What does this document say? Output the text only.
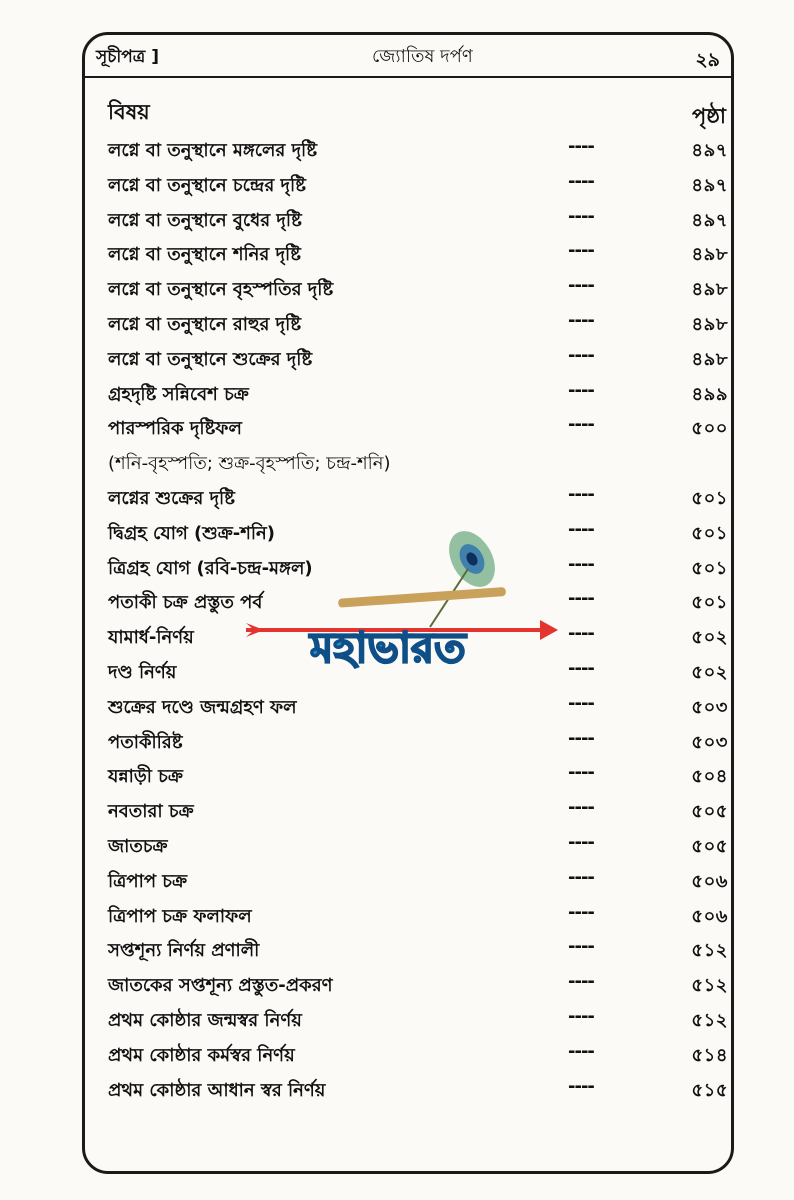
সূচীপত্র ]	জ্যোতিষ দর্পণ	২৯
বিষয়	পৃষ্ঠা
লগ্নে বা তনুস্থানে মঙ্গলের দৃষ্টি	----	৪৯৭
লগ্নে বা তনুস্থানে চন্দ্রের দৃষ্টি	----	৪৯৭
লগ্নে বা তনুস্থানে বুধের দৃষ্টি	----	৪৯৭
লগ্নে বা তনুস্থানে শনির দৃষ্টি	----	৪৯৮
লগ্নে বা তনুস্থানে বৃহস্পতির দৃষ্টি	----	৪৯৮
লগ্নে বা তনুস্থানে রাহুর দৃষ্টি	----	৪৯৮
লগ্নে বা তনুস্থানে শুক্রের দৃষ্টি	----	৪৯৮
গ্রহদৃষ্টি সন্নিবেশ চক্র	----	৪৯৯
পারস্পরিক দৃষ্টিফল	----	৫০০
(শনি-বৃহস্পতি; শুক্র-বৃহস্পতি; চন্দ্র-শনি)
লগ্নের শুক্রের দৃষ্টি	----	৫০১
দ্বিগ্রহ যোগ (শুক্র-শনি)	----	৫০১
ত্রিগ্রহ যোগ (রবি-চন্দ্র-মঙ্গল)	----	৫০১
পতাকী চক্র প্রস্তুত পর্ব	----	৫০১
যামার্ধ-নির্ণয়	----	৫০২
দণ্ড নির্ণয়	----	৫০২
শুক্রের দণ্ডে জন্মগ্রহণ ফল	----	৫০৩
পতাকীরিষ্ট	----	৫০৩
যন্নাড়ী চক্র	----	৫০৪
নবতারা চক্র	----	৫০৫
জাতচক্র	----	৫০৫
ত্রিপাপ চক্র	----	৫০৬
ত্রিপাপ চক্র ফলাফল	----	৫০৬
সপ্তশূন্য নির্ণয় প্রণালী	----	৫১২
জাতকের সপ্তশূন্য প্রস্তুত-প্রকরণ	----	৫১২
প্রথম কোষ্ঠার জন্মস্বর নির্ণয়	----	৫১২
প্রথম কোষ্ঠার কর্মস্বর নির্ণয়	----	৫১৪
প্রথম কোষ্ঠার আধান স্বর নির্ণয়	----	৫১৫
মহাভারত
